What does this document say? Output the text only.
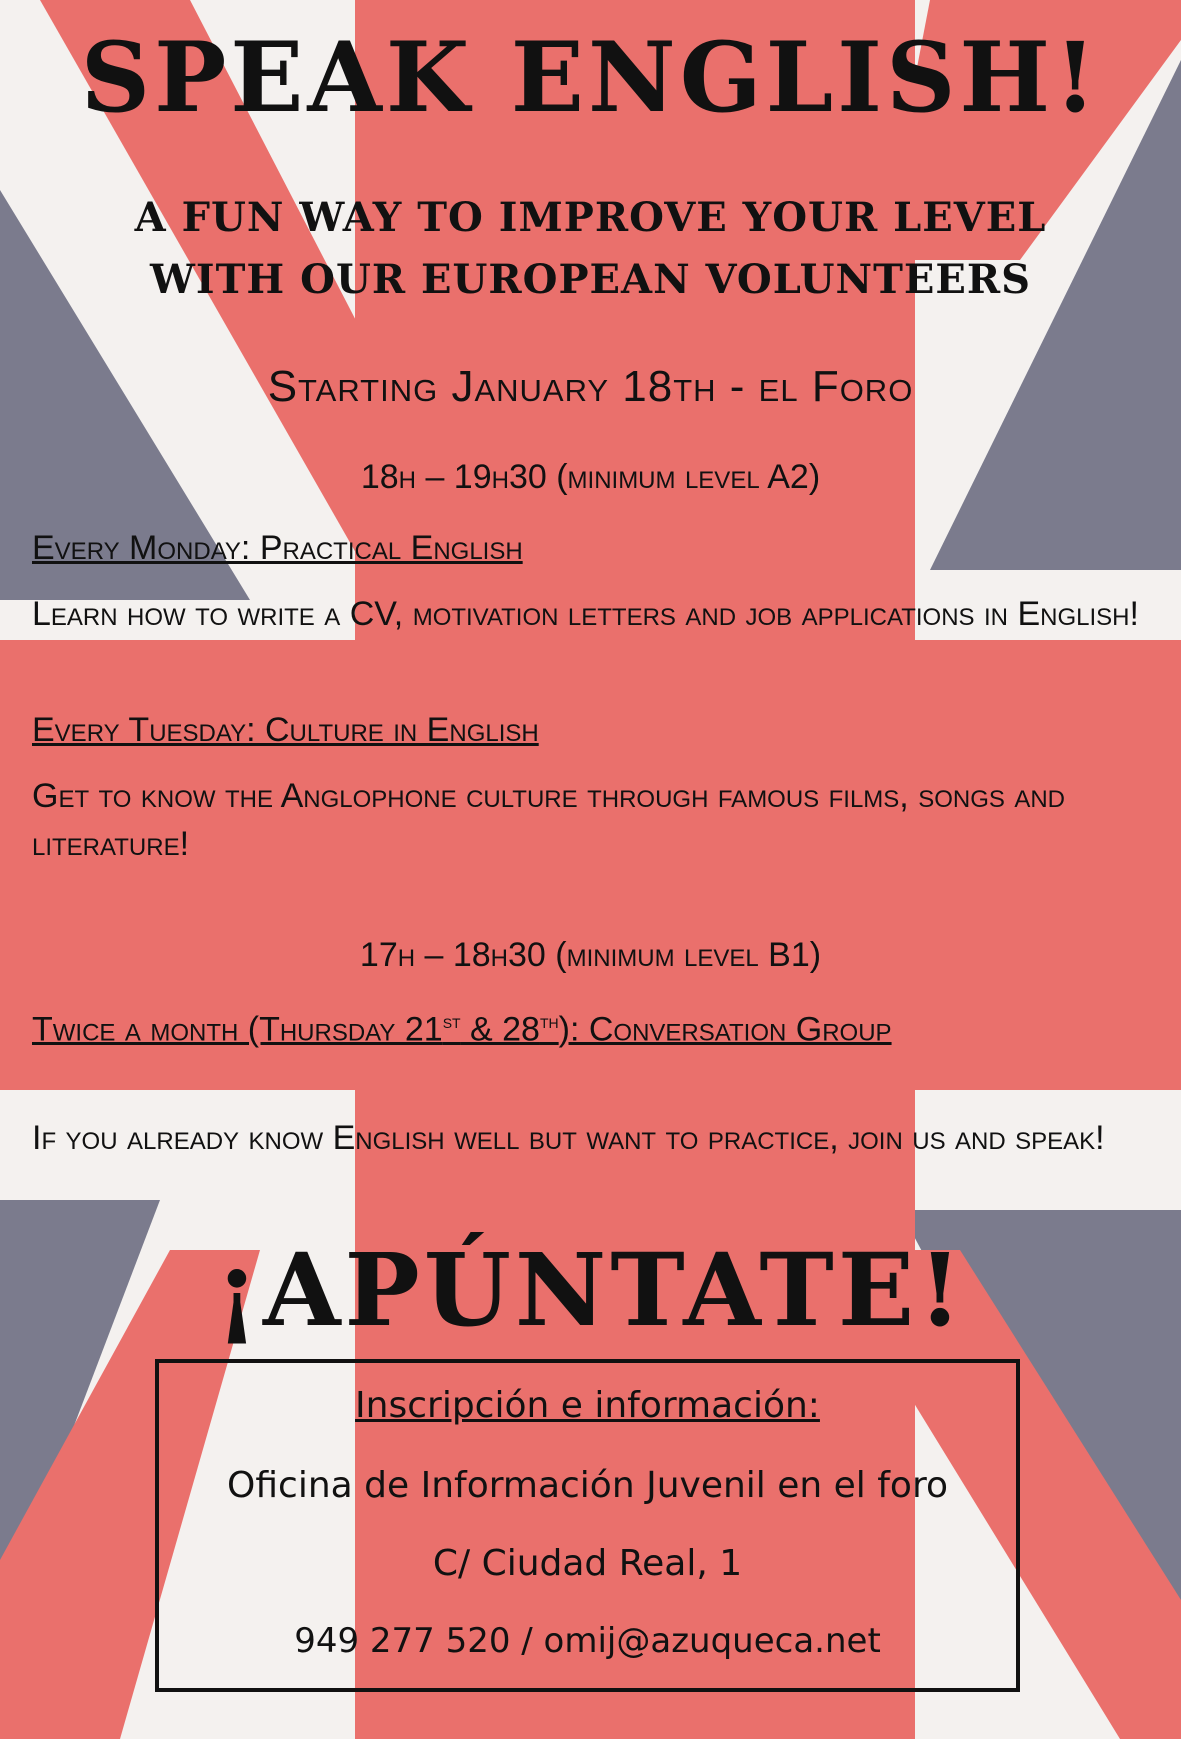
SPEAK ENGLISH!
A FUN WAY TO IMPROVE YOUR LEVEL
WITH OUR EUROPEAN VOLUNTEERS
Starting January 18th - el Foro
18h – 19h30 (minimum level A2)
Every Monday: Practical English
Learn how to write a CV, motivation letters and job applications in English!
Every Tuesday: Culture in English
Get to know the Anglophone culture through famous films, songs and literature!
17h – 18h30 (minimum level B1)
Twice a month (Thursday 21st & 28th): Conversation Group
If you already know English well but want to practice, join us and speak!
¡APÚNTATE!
Inscripción e información:
Oficina de Información Juvenil en el foro
C/ Ciudad Real, 1
949 277 520 / omij@azuqueca.net
